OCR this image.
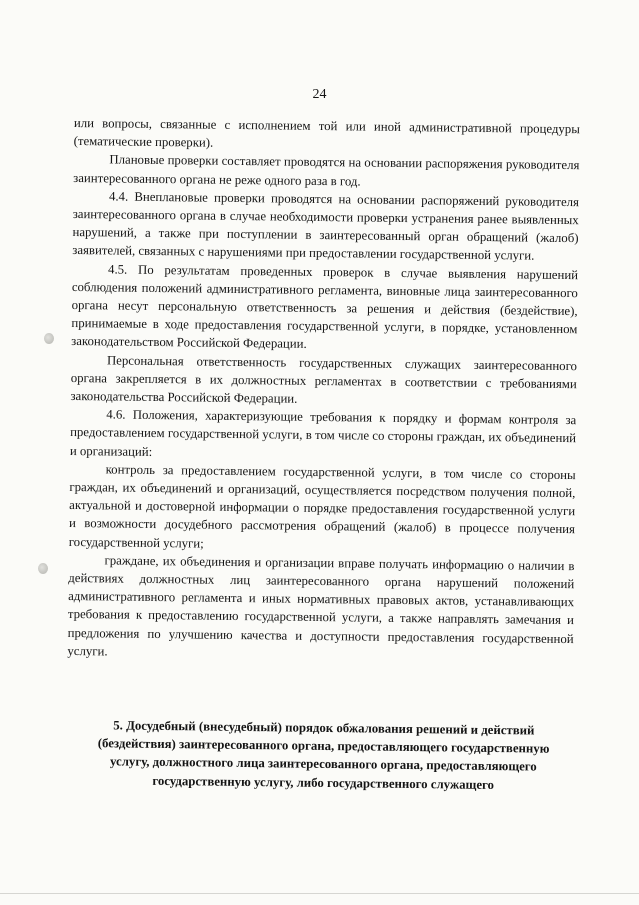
24

или вопросы, связанные с исполнением той или иной административной процедуры (тематические проверки).

Плановые проверки составляет проводятся на основании распоряжения руководителя заинтересованного органа не реже одного раза в год.

4.4. Внеплановые проверки проводятся на основании распоряжений руководителя заинтересованного органа в случае необходимости проверки устранения ранее выявленных нарушений, а также при поступлении в заинтересованный орган обращений (жалоб) заявителей, связанных с нарушениями при предоставлении государственной услуги.

4.5. По результатам проведенных проверок в случае выявления нарушений соблюдения положений административного регламента, виновные лица заинтересованного органа несут персональную ответственность за решения и действия (бездействие), принимаемые в ходе предоставления государственной услуги, в порядке, установленном законодательством Российской Федерации.

Персональная ответственность государственных служащих заинтересованного органа закрепляется в их должностных регламентах в соответствии с требованиями законодательства Российской Федерации.

4.6. Положения, характеризующие требования к порядку и формам контроля за предоставлением государственной услуги, в том числе со стороны граждан, их объединений и организаций:

контроль за предоставлением государственной услуги, в том числе со стороны граждан, их объединений и организаций, осуществляется посредством получения полной, актуальной и достоверной информации о порядке предоставления государственной услуги и возможности досудебного рассмотрения обращений (жалоб) в процессе получения государственной услуги;

граждане, их объединения и организации вправе получать информацию о наличии в действиях должностных лиц заинтересованного органа нарушений положений административного регламента и иных нормативных правовых актов, устанавливающих требования к предоставлению государственной услуги, а также направлять замечания и предложения по улучшению качества и доступности предоставления государственной услуги.

5. Досудебный (внесудебный) порядок обжалования решений и действий (бездействия) заинтересованного органа, предоставляющего государственную услугу, должностного лица заинтересованного органа, предоставляющего государственную услугу, либо государственного служащего
